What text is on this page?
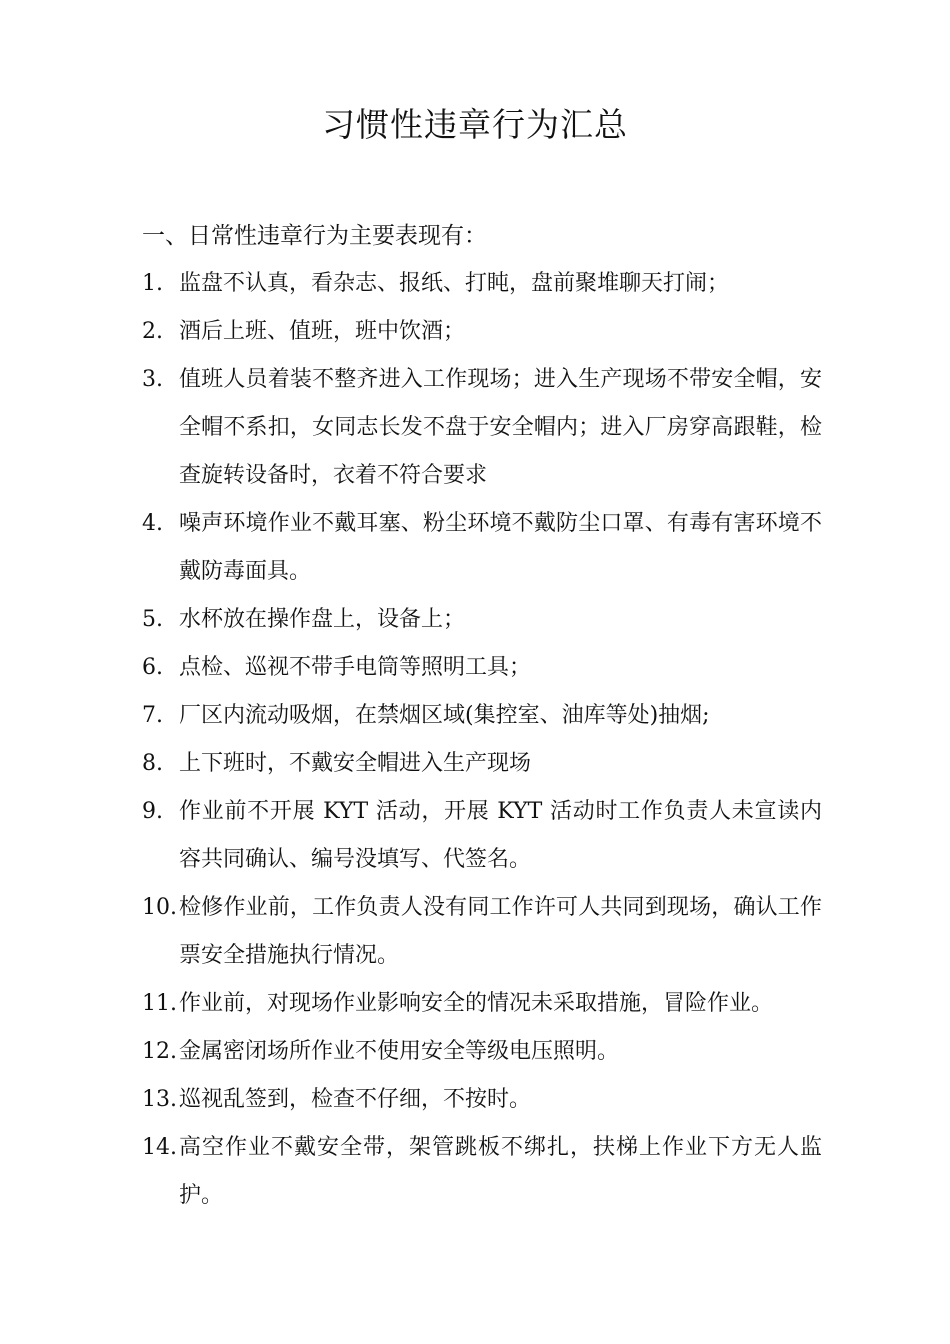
习惯性违章行为汇总
一、日常性违章行为主要表现有：
1. 监盘不认真，看杂志、报纸、打盹，盘前聚堆聊天打闹；
2. 酒后上班、值班，班中饮酒；
3. 值班人员着装不整齐进入工作现场；进入生产现场不带安全帽，安全帽不系扣，女同志长发不盘于安全帽内；进入厂房穿高跟鞋，检查旋转设备时，衣着不符合要求
4. 噪声环境作业不戴耳塞、粉尘环境不戴防尘口罩、有毒有害环境不戴防毒面具。
5. 水杯放在操作盘上，设备上；
6. 点检、巡视不带手电筒等照明工具；
7. 厂区内流动吸烟，在禁烟区域(集控室、油库等处)抽烟;
8. 上下班时，不戴安全帽进入生产现场
9. 作业前不开展 KYT 活动，开展 KYT 活动时工作负责人未宣读内容共同确认、编号没填写、代签名。
10. 检修作业前，工作负责人没有同工作许可人共同到现场，确认工作票安全措施执行情况。
11. 作业前，对现场作业影响安全的情况未采取措施，冒险作业。
12. 金属密闭场所作业不使用安全等级电压照明。
13. 巡视乱签到，检查不仔细，不按时。
14. 高空作业不戴安全带，架管跳板不绑扎，扶梯上作业下方无人监护。
